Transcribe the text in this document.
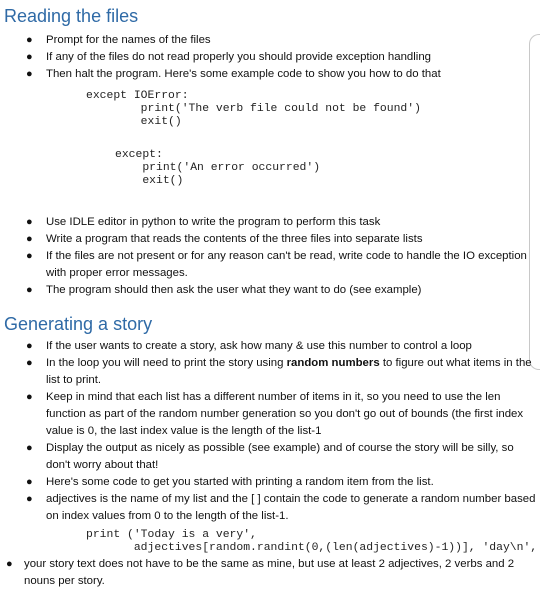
Reading the files
● Prompt for the names of the files
● If any of the files do not read properly you should provide exception handling
● Then halt the program. Here's some example code to show you how to do that
except IOError:
print('The verb file could not be found')
exit()
except:
print('An error occurred')
exit()
● Use IDLE editor in python to write the program to perform this task
● Write a program that reads the contents of the three files into separate lists
● If the files are not present or for any reason can't be read, write code to handle the IO exception with proper error messages.
● The program should then ask the user what they want to do (see example)
Generating a story
● If the user wants to create a story, ask how many & use this number to control a loop
● In the loop you will need to print the story using random numbers to figure out what items in the list to print.
● Keep in mind that each list has a different number of items in it, so you need to use the len function as part of the random number generation so you don't go out of bounds (the first index value is 0, the last index value is the length of the list-1
● Display the output as nicely as possible (see example) and of course the story will be silly, so don't worry about that!
● Here's some code to get you started with printing a random item from the list.
● adjectives is the name of my list and the [ ] contain the code to generate a random number based on index values from 0 to the length of the list-1.
print ('Today is a very',
adjectives[random.randint(0,(len(adjectives)-1))], 'day\n',
● your story text does not have to be the same as mine, but use at least 2 adjectives, 2 verbs and 2 nouns per story.
